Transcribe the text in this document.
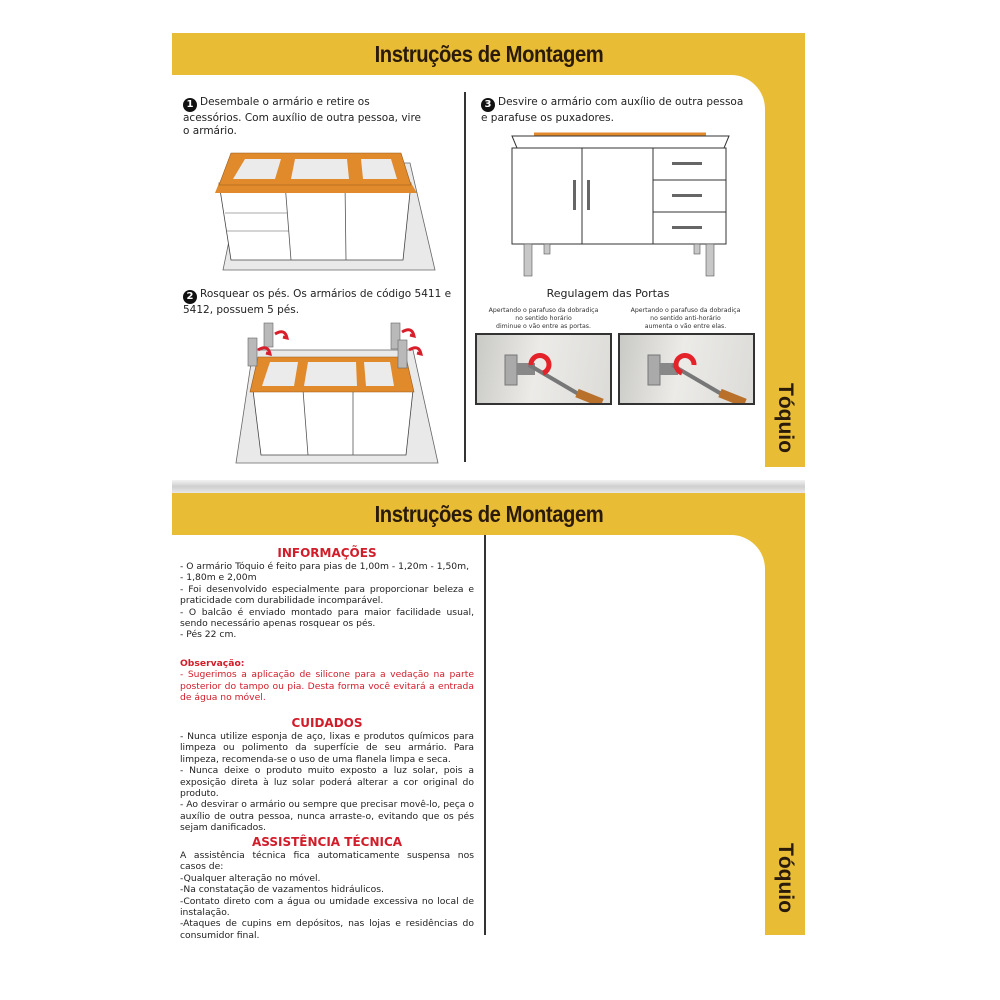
Instruções de Montagem
Tóquio
1 Desembale o armário e retire os acessórios. Com auxílio de outra pessoa, vire o armário.
2 Rosquear os pés. Os armários de código 5411 e 5412, possuem 5 pés.
3 Desvire o armário com auxílio de outra pessoa e parafuse os puxadores.
Regulagem das Portas
Apertando o parafuso da dobradiça
no sentido horário
diminue o vão entre as portas.
Apertando o parafuso da dobradiça
no sentido anti-horário
aumenta o vão entre elas.
Instruções de Montagem
Tóquio
INFORMAÇÕES

- O armário Tóquio é feito para pias de 1,00m - 1,20m - 1,50m,

- 1,80m e 2,00m

- Foi desenvolvido especialmente para proporcionar beleza e praticidade com durabilidade incomparável.

- O balcão é enviado montado para maior facilidade usual, sendo necessário apenas rosquear os pés.

- Pés 22 cm.

Observação:

- Sugerimos a aplicação de silicone para a vedação na parte posterior do tampo ou pia. Desta forma você evitará a entrada de água no móvel.

CUIDADOS

- Nunca utilize esponja de aço, lixas e produtos químicos para limpeza ou polimento da superfície de seu armário. Para limpeza, recomenda-se o uso de uma flanela limpa e seca.

- Nunca deixe o produto muito exposto a luz solar, pois a exposição direta à luz solar poderá alterar a cor original do produto.

- Ao desvirar o armário ou sempre que precisar movê-lo, peça o auxílio de outra pessoa, nunca arraste-o, evitando que os pés sejam danificados.

ASSISTÊNCIA TÉCNICA

A assistência técnica fica automaticamente suspensa nos casos de:

-Qualquer alteração no móvel.

-Na constatação de vazamentos hidráulicos.

-Contato direto com a água ou umidade excessiva no local de instalação.

-Ataques de cupins em depósitos, nas lojas e residências do consumidor final.
